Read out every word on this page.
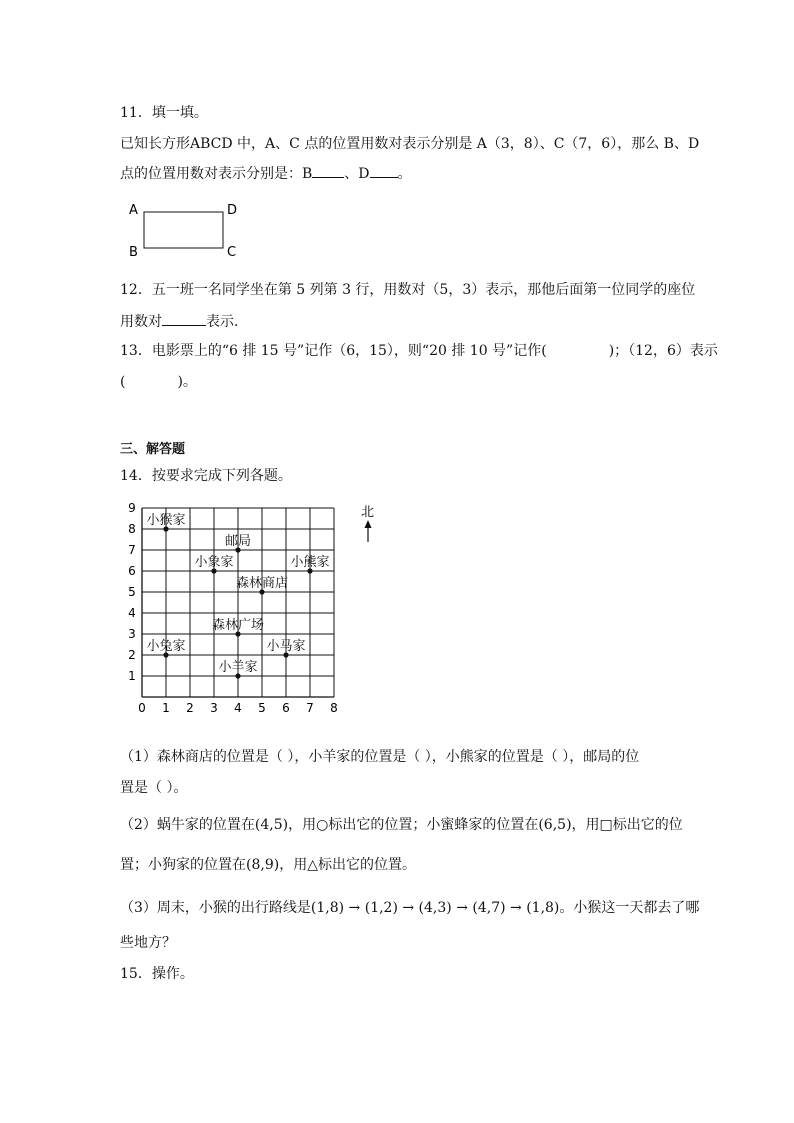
11．填一填。
已知长方形ABCD 中，A、C 点的位置用数对表示分别是 A（3，8）、C（7，6），那么 B、D
点的位置用数对表示分别是：B 、D 。
A	D
B	C
12．五一班一名同学坐在第 5 列第 3 行，用数对（5，3）表示，那他后面第一位同学的座位
用数对	表示．
13．电影票上的“6 排 15 号”记作（6，15），则“20 排 10 号”记作(	)；（12，6）表示
(	)。
三、解答题
14．按要求完成下列各题。
0 1 2 3 4 5 6 7 8
1
2
3
4
5
6
7
8
9
小猴家
邮局
小象家	小熊家
森林商店
森林广场
小兔家	小马家
小羊家
北
（1）森林商店的位置是（ ），小羊家的位置是（ ），小熊家的位置是（ ），邮局的位
置是（ ）。
（2）蜗牛家的位置在(4,5)，用○标出它的位置；小蜜蜂家的位置在(6,5)，用□标出它的位
置；小狗家的位置在(8,9)，用△标出它的位置。
（3）周末，小猴的出行路线是(1,8) → (1,2) → (4,3) → (4,7) → (1,8)。小猴这一天都去了哪
些地方？
15．操作。
